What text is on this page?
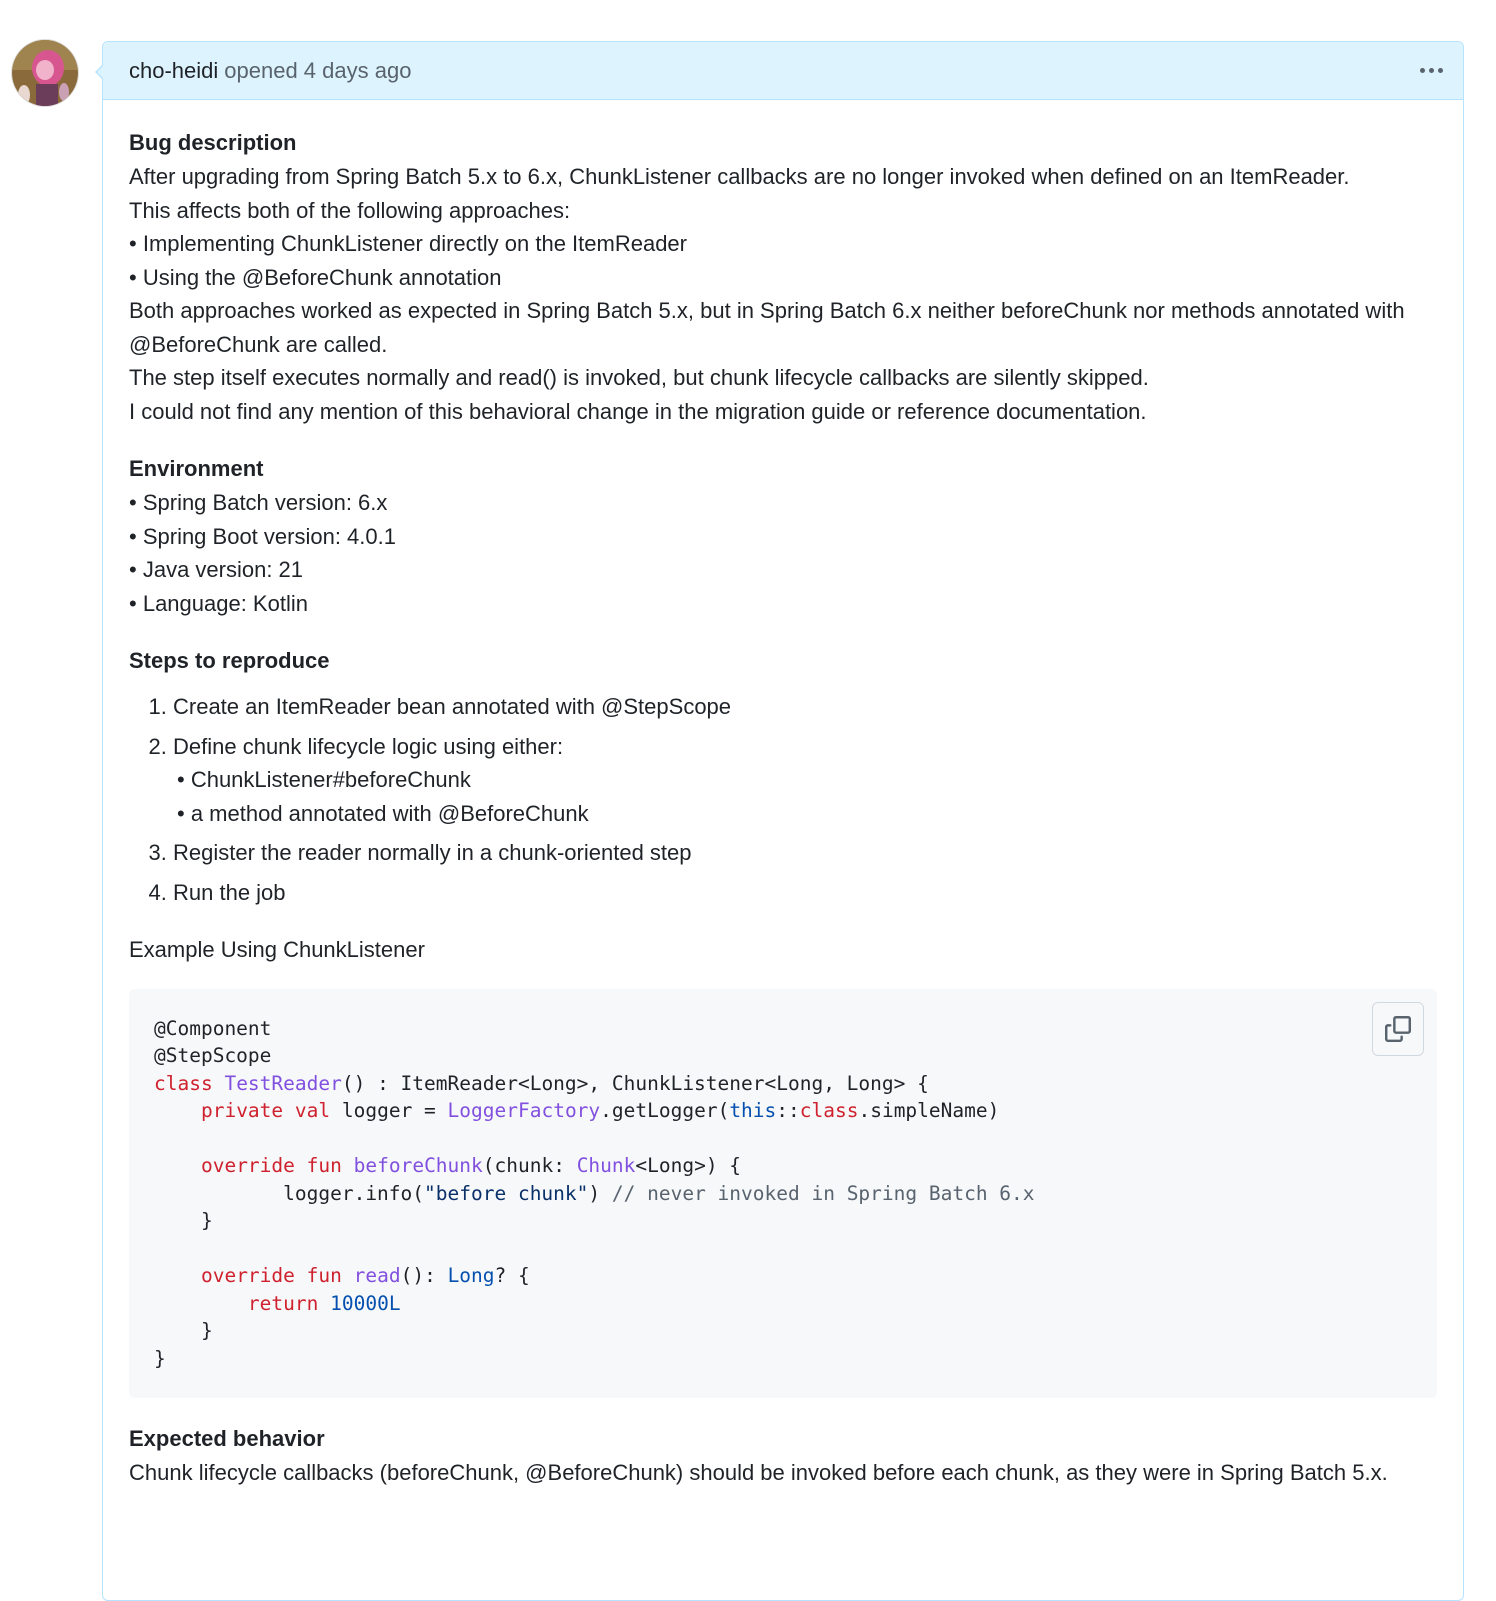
cho-heidi opened 4 days ago
Bug description

After upgrading from Spring Batch 5.x to 6.x, ChunkListener callbacks are no longer invoked when defined on an ItemReader.

This affects both of the following approaches:

• Implementing ChunkListener directly on the ItemReader

• Using the @BeforeChunk annotation

Both approaches worked as expected in Spring Batch 5.x, but in Spring Batch 6.x neither beforeChunk nor methods annotated with @BeforeChunk are called.

The step itself executes normally and read() is invoked, but chunk lifecycle callbacks are silently skipped.

I could not find any mention of this behavioral change in the migration guide or reference documentation.

Environment

• Spring Batch version: 6.x

• Spring Boot version: 4.0.1

• Java version: 21

• Language: Kotlin

Steps to reproduce
1. Create an ItemReader bean annotated with @StepScope
2. Define chunk lifecycle logic using either:
• ChunkListener#beforeChunk
• a method annotated with @BeforeChunk
3. Register the reader normally in a chunk-oriented step
4. Run the job

Example Using ChunkListener

@Component
@StepScope
class TestReader() : ItemReader<Long>, ChunkListener<Long, Long> {
private val logger = LoggerFactory.getLogger(this::class.simpleName)

override fun beforeChunk(chunk: Chunk<Long>) {
logger.info("before chunk") // never invoked in Spring Batch 6.x
}

override fun read(): Long? {
return 10000L
}
}
Expected behavior

Chunk lifecycle callbacks (beforeChunk, @BeforeChunk) should be invoked before each chunk, as they were in Spring Batch 5.x.
